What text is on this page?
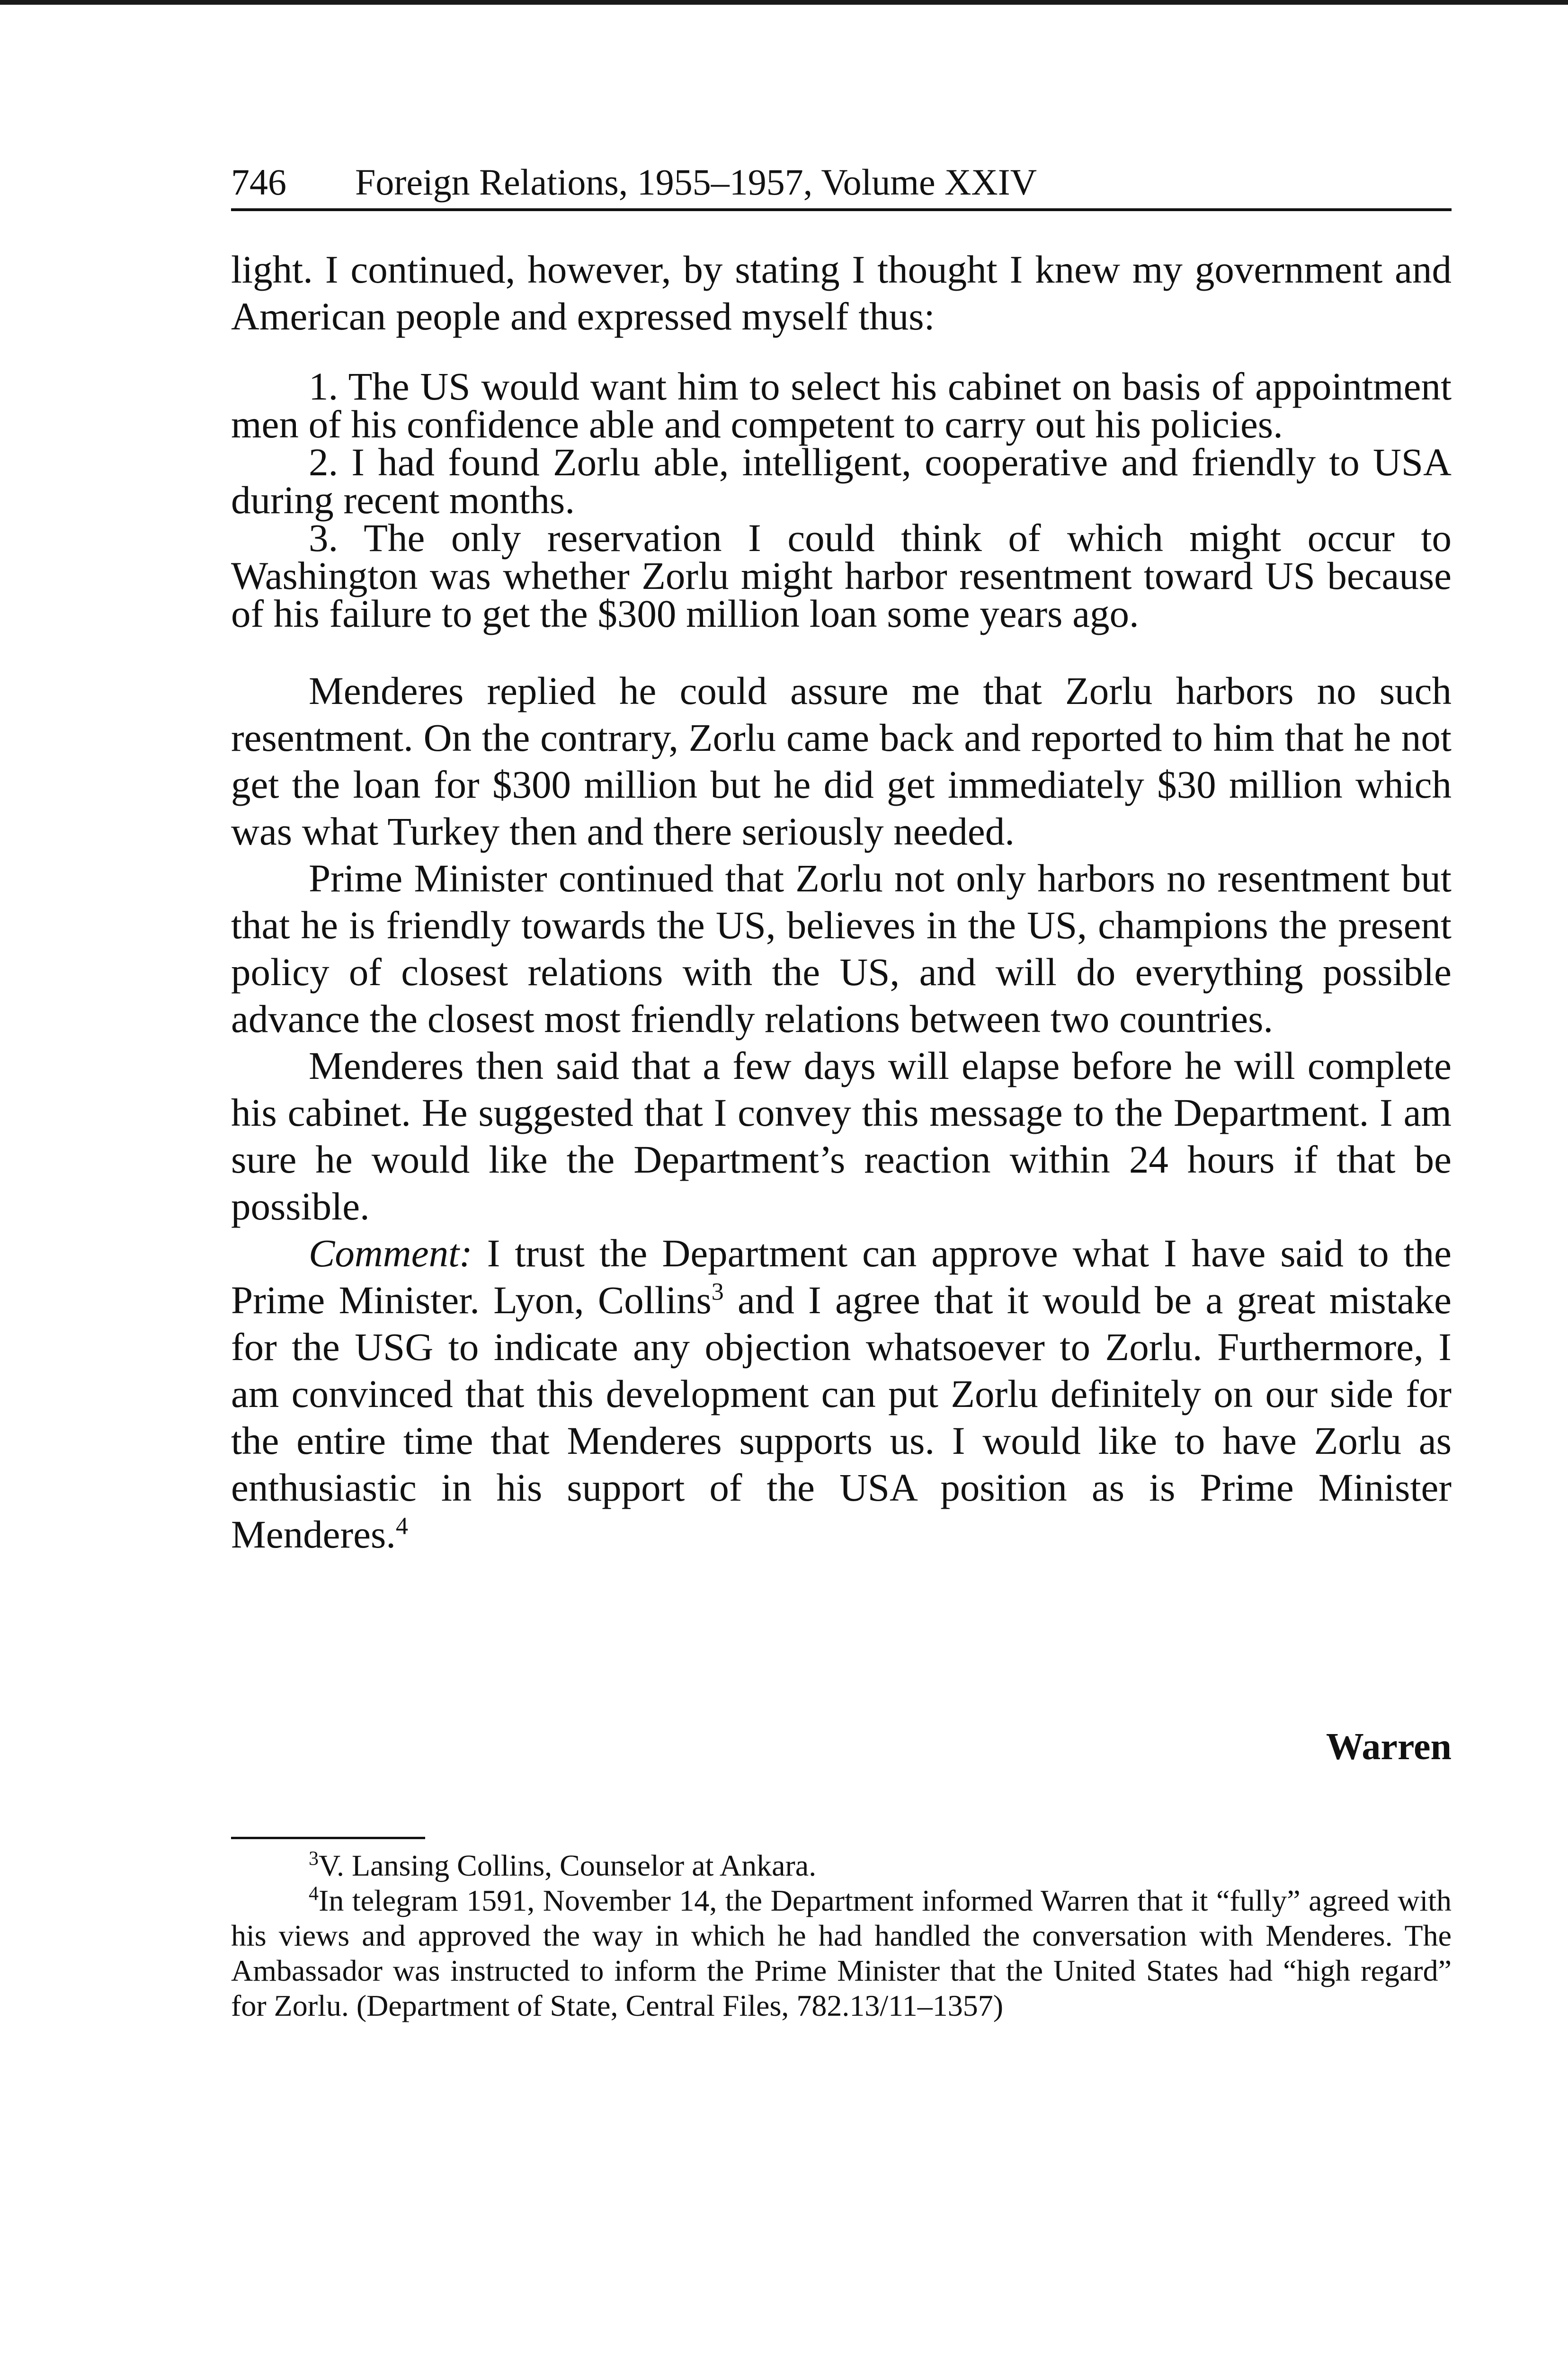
746 Foreign Relations, 1955–1957, Volume XXIV

light. I continued, however, by stating I thought I knew my government and American people and expressed myself thus:

1. The US would want him to select his cabinet on basis of appointment men of his confidence able and competent to carry out his policies.

2. I had found Zorlu able, intelligent, cooperative and friendly to USA during recent months.

3. The only reservation I could think of which might occur to Washington was whether Zorlu might harbor resentment toward US because of his failure to get the $300 million loan some years ago.

Menderes replied he could assure me that Zorlu harbors no such resentment. On the contrary, Zorlu came back and reported to him that he not get the loan for $300 million but he did get immediately $30 million which was what Turkey then and there seriously needed.

Prime Minister continued that Zorlu not only harbors no resentment but that he is friendly towards the US, believes in the US, champions the present policy of closest relations with the US, and will do everything possible advance the closest most friendly relations between two countries.

Menderes then said that a few days will elapse before he will complete his cabinet. He suggested that I convey this message to the Department. I am sure he would like the Department’s reaction within 24 hours if that be possible.

Comment: I trust the Department can approve what I have said to the Prime Minister. Lyon, Collins$^3$ and I agree that it would be a great mistake for the USG to indicate any objection whatsoever to Zorlu. Furthermore, I am convinced that this development can put Zorlu definitely on our side for the entire time that Menderes supports us. I would like to have Zorlu as enthusiastic in his support of the USA position as is Prime Minister Menderes.$^4$

Warren

$^3$V. Lansing Collins, Counselor at Ankara.

$^4$In telegram 1591, November 14, the Department informed Warren that it “fully” agreed with his views and approved the way in which he had handled the conversation with Menderes. The Ambassador was instructed to inform the Prime Minister that the United States had “high regard” for Zorlu. (Department of State, Central Files, 782.13/11–1357)
